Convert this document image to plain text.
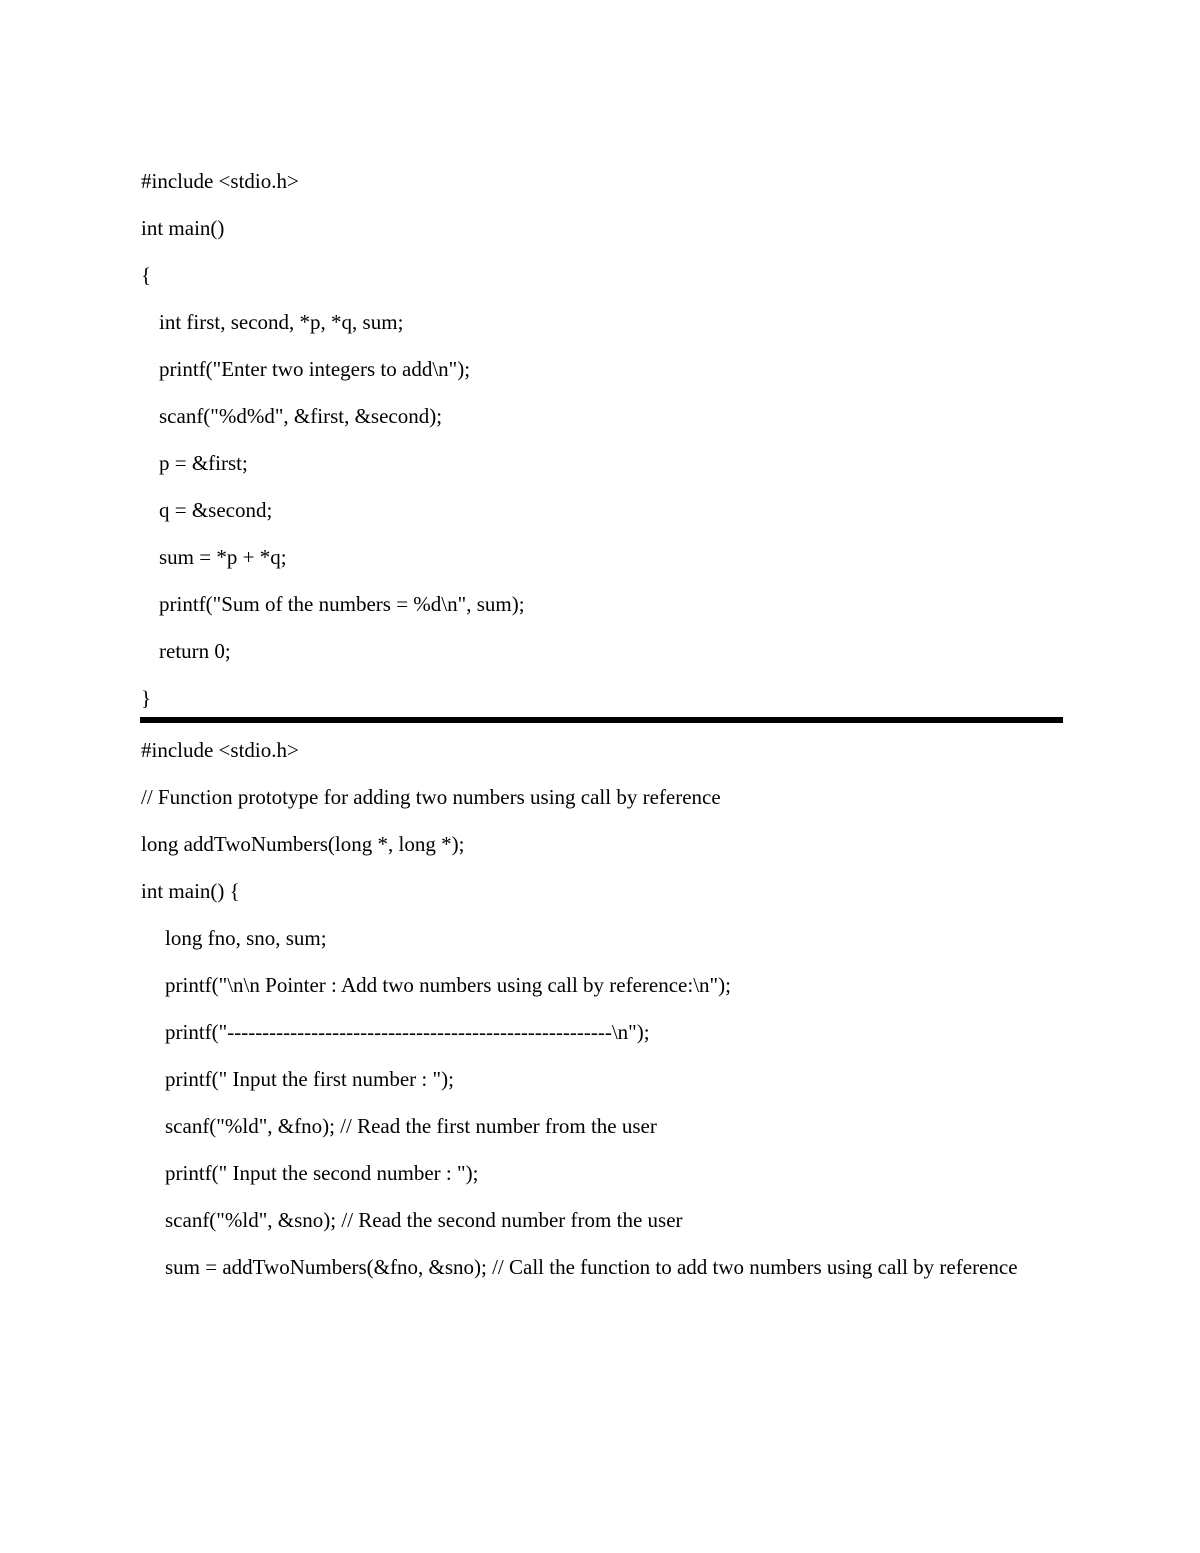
#include <stdio.h>
int main()
{
int first, second, *p, *q, sum;
printf("Enter two integers to add\n");
scanf("%d%d", &first, &second);
p = &first;
q = &second;
sum = *p + *q;
printf("Sum of the numbers = %d\n", sum);
return 0;
}
#include <stdio.h>
// Function prototype for adding two numbers using call by reference
long addTwoNumbers(long *, long *);
int main() {
long fno, sno, sum;
printf("\n\n Pointer : Add two numbers using call by reference:\n");
printf("-------------------------------------------------------\n");
printf(" Input the first number : ");
scanf("%ld", &fno); // Read the first number from the user
printf(" Input the second number : ");
scanf("%ld", &sno); // Read the second number from the user
sum = addTwoNumbers(&fno, &sno); // Call the function to add two numbers using call by reference
